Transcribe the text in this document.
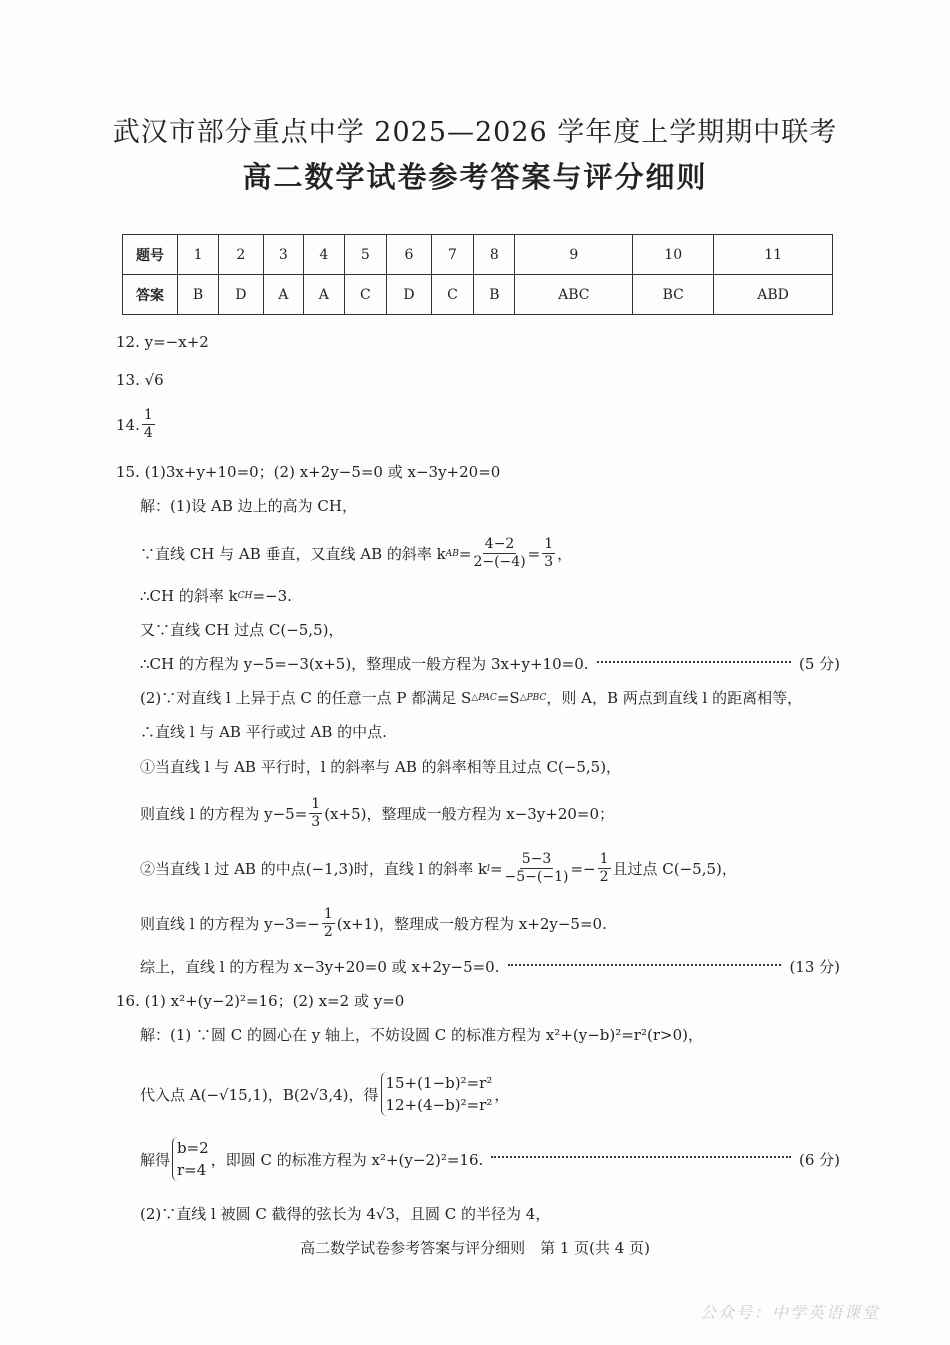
武汉市部分重点中学 2025—2026 学年度上学期期中联考
高二数学试卷参考答案与评分细则
题号	1	2	3	4	5	6	7	8	9	10	11
答案	B	D	A	A	C	D	C	B	ABC	BC	ABD
12. y=−x+2
13. √6
14. $\frac{1}{4}$
15. (1)3x+y+10=0；(2) x+2y−5=0 或 x−3y+20=0
解：(1)设 AB 边上的高为 CH，
∵直线 CH 与 AB 垂直，又直线 AB 的斜率 k AB = $\frac{4-2}{2-(-4)} = \frac{1}{3}$ ，
∴CH 的斜率 k CH =−3.
又∵直线 CH 过点 C(−5,5)，
∴CH 的方程为 y−5=−3(x+5)，整理成一般方程为 3x+y+10=0.	(5 分)
(2)∵对直线 l 上异于点 C 的任意一点 P 都满足 S △PAC =S △PBC ，则 A，B 两点到直线 l 的距离相等，
∴直线 l 与 AB 平行或过 AB 的中点.
①当直线 l 与 AB 平行时，l 的斜率与 AB 的斜率相等且过点 C(−5,5)，
则直线 l 的方程为 $y-5= \frac{1}{3} (x+5)$，整理成一般方程为 x−3y+20=0；
②当直线 l 过 AB 的中点(−1,3)时，直线 l 的斜率 k $l = \frac{5-3}{-5-(-1)} =- \frac{1}{2}$ 且过点 C(−5,5)，
则直线 l 的方程为 $y-3=- \frac{1}{2} (x+1)$，整理成一般方程为 x+2y−5=0.
综上，直线 l 的方程为 x−3y+20=0 或 x+2y−5=0.	(13 分)
16. (1) x²+(y−2)²=16；(2) x=2 或 y=0
解：(1) ∵圆 C 的圆心在 y 轴上，不妨设圆 C 的标准方程为 x²+(y−b)²=r²(r>0)，
代入点 A(−√15,1)，B(2√3,4)，得
15+(1−b)²=r²
12+(4−b)²=r²
，
解得
b=2
r=4
，即圆 C 的标准方程为 x²+(y−2)²=16.	(6 分)
(2)∵直线 l 被圆 C 截得的弦长为 4√3，且圆 C 的半径为 4，
高二数学试卷参考答案与评分细则　第 1 页(共 4 页)
公众号：中学英语课堂
